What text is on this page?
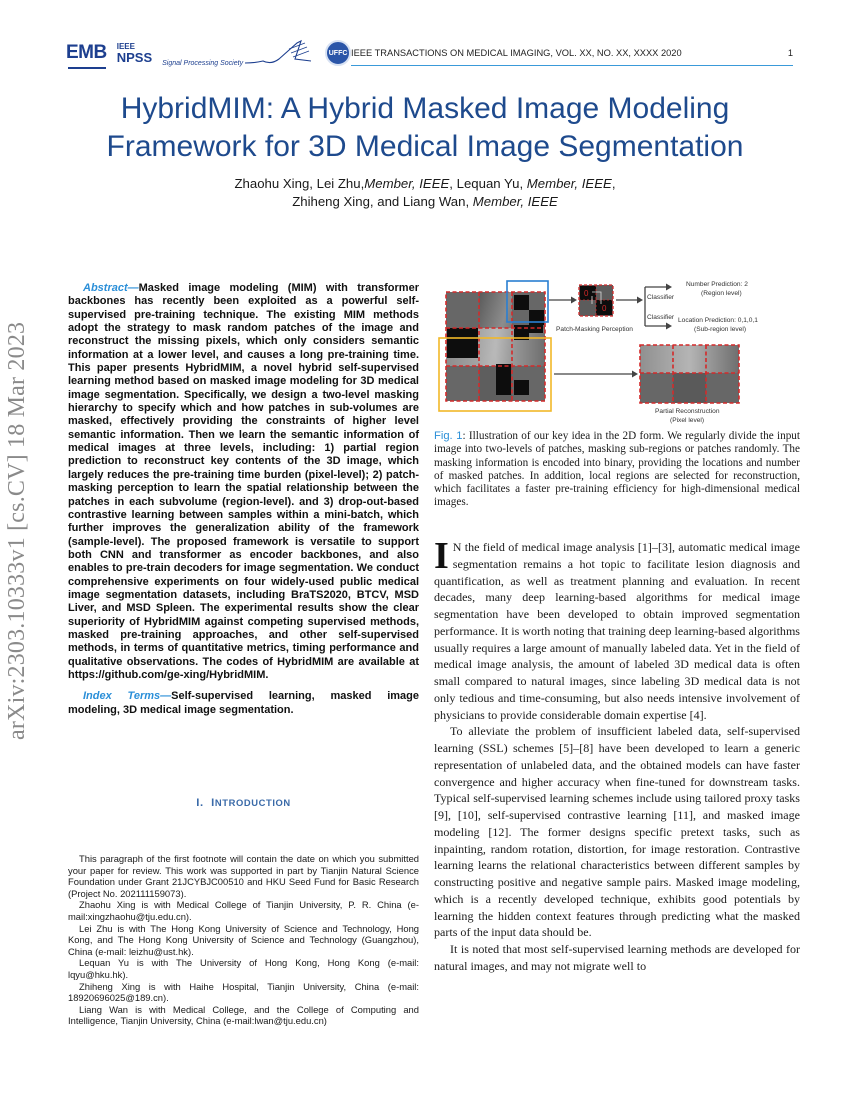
EMB IEEE
NPSS Signal Processing Society
UFFC IEEE TRANSACTIONS ON MEDICAL IMAGING, VOL. XX, NO. XX, XXXX 2020	1
HybridMIM: A Hybrid Masked Image Modeling
Framework for 3D Medical Image Segmentation
Zhaohu Xing, Lei Zhu,Member, IEEE, Lequan Yu, Member, IEEE,
Zhiheng Xing, and Liang Wan, Member, IEEE
arXiv:2303.10333v1 [cs.CV] 18 Mar 2023

Abstract—Masked image modeling (MIM) with transformer backbones has recently been exploited as a powerful self-supervised pre-training technique. The existing MIM methods adopt the strategy to mask random patches of the image and reconstruct the missing pixels, which only considers semantic information at a lower level, and causes a long pre-training time. This paper presents HybridMIM, a novel hybrid self-supervised learning method based on masked image modeling for 3D medical image segmentation. Specifically, we design a two-level masking hierarchy to specify which and how patches in sub-volumes are masked, effectively providing the constraints of higher level semantic information. Then we learn the semantic information of medical images at three levels, including: 1) partial region prediction to reconstruct key contents of the 3D image, which largely reduces the pre-training time burden (pixel-level); 2) patch-masking perception to learn the spatial relationship between the patches in each subvolume (region-level). and 3) drop-out-based contrastive learning between samples within a mini-batch, which further improves the generalization ability of the framework (sample-level). The proposed framework is versatile to support both CNN and transformer as encoder backbones, and also enables to pre-train decoders for image segmentation. We conduct comprehensive experiments on four widely-used public medical image segmentation datasets, including BraTS2020, BTCV, MSD Liver, and MSD Spleen. The experimental results show the clear superiority of HybridMIM against competing supervised methods, masked pre-training approaches, and other self-supervised methods, in terms of quantitative metrics, timing performance and qualitative observations. The codes of HybridMIM are available at https://github.com/ge-xing/HybridMIM.

Index Terms—Self-supervised learning, masked image modeling, 3D medical image segmentation.

I. INTRODUCTION

This paragraph of the first footnote will contain the date on which you submitted your paper for review. This work was supported in part by Tianjin Natural Science Foundation under Grant 21JCYBJC00510 and HKU Seed Fund for Basic Research (Project No. 202111159073).

Zhaohu Xing is with Medical College of Tianjin University, P. R. China (e-mail:xingzhaohu@tju.edu.cn).

Lei Zhu is with The Hong Kong University of Science and Technology, Hong Kong, and The Hong Kong University of Science and Technology (Guangzhou), China (e-mail: leizhu@ust.hk).

Lequan Yu is with The University of Hong Kong, Hong Kong (e-mail: lqyu@hku.hk).

Zhiheng Xing is with Haihe Hospital, Tianjin University, China (e-mail: 18920696025@189.cn).

Liang Wan is with Medical College, and the College of Computing and Intelligence, Tianjin University, China (e-mail:lwan@tju.edu.cn)

0
0
Patch-Masking Perception
Classifier
Classifier
Number Prediction: 2
(Region level)
Location Prediction: 0,1,0,1
(Sub-region level)
Partial Reconstruction
(Pixel level)

Fig. 1: Illustration of our key idea in the 2D form. We regularly divide the input image into two-levels of patches, masking sub-regions or patches randomly. The masking information is encoded into binary, providing the locations and number of masked patches. In addition, local regions are selected for reconstruction, which facilitates a faster pre-training efficiency for high-dimensional medical images.

I N the field of medical image analysis [1]–[3], automatic medical image segmentation remains a hot topic to facilitate lesion diagnosis and quantification, as well as treatment planning and evaluation. In recent decades, many deep learning-based algorithms for medical image segmentation have been developed to obtain improved segmentation performance. It is worth noting that training deep learning-based algorithms usually requires a large amount of manually labeled data. Yet in the field of medical image analysis, the amount of labeled 3D medical data is often small compared to natural images, since labeling 3D medical data is not only tedious and time-consuming, but also needs intensive involvement of physicians to provide considerable domain expertise [4].

To alleviate the problem of insufficient labeled data, self-supervised learning (SSL) schemes [5]–[8] have been developed to learn a generic representation of unlabeled data, and the obtained models can have faster convergence and higher accuracy when fine-tuned for downstream tasks. Typical self-supervised learning schemes include using tailored proxy tasks [9], [10], self-supervised contrastive learning [11], and masked image modeling [12]. The former designs specific pretext tasks, such as inpainting, random rotation, distortion, for image restoration. Contrastive learning learns the relational characteristics between different samples by constructing positive and negative sample pairs. Masked image modeling, which is a recently developed technique, exhibits good potentials by learning the hidden context features through predicting what the masked parts of the input data should be.

It is noted that most self-supervised learning methods are developed for natural images, and may not migrate well to
